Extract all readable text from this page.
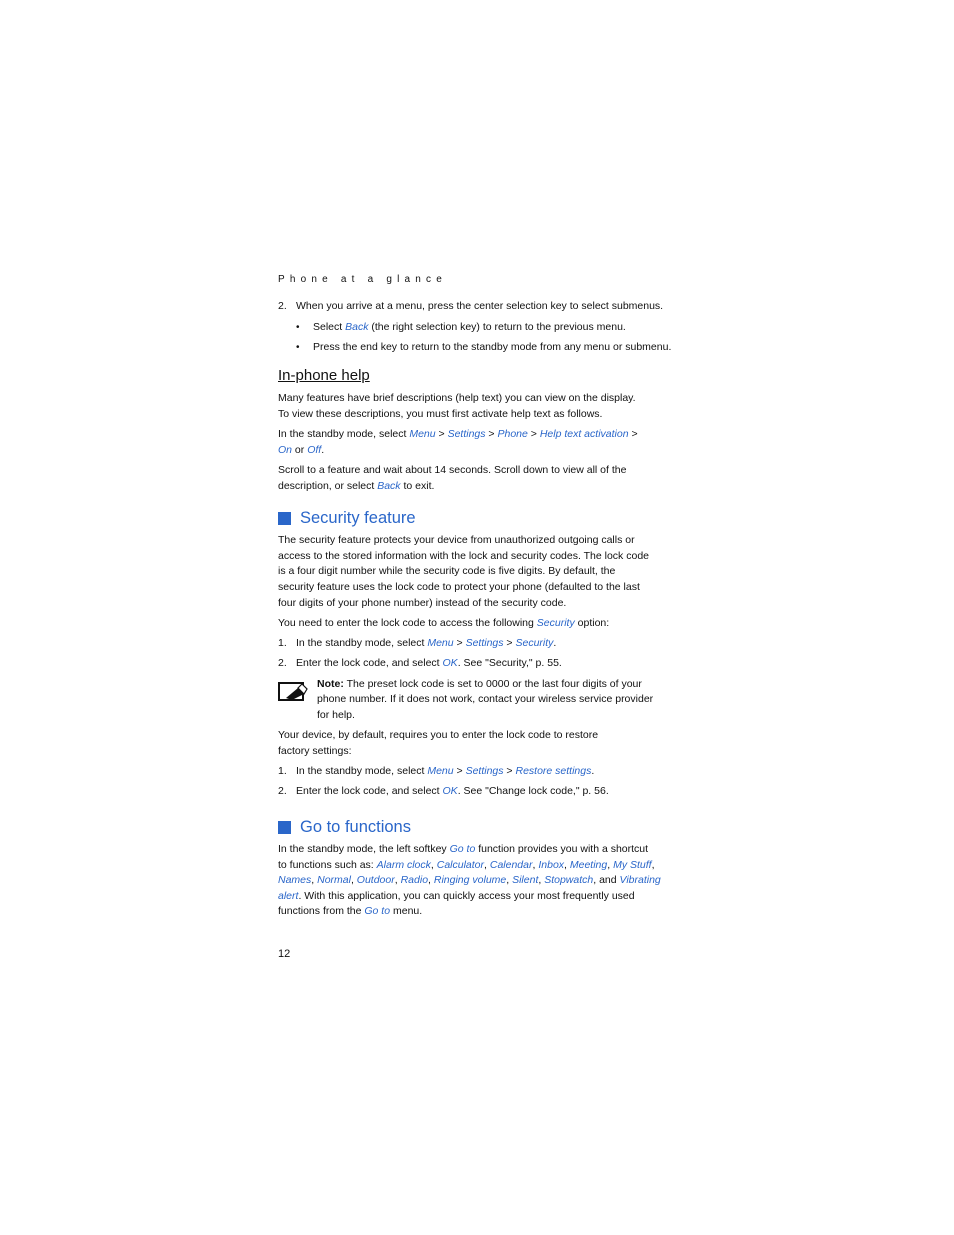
Phone at a glance
2. When you arrive at a menu, press the center selection key to select submenus.
• Select Back (the right selection key) to return to the previous menu.
• Press the end key to return to the standby mode from any menu or submenu.
In-phone help
Many features have brief descriptions (help text) you can view on the display.
To view these descriptions, you must first activate help text as follows.
In the standby mode, select Menu > Settings > Phone > Help text activation >
On or Off.
Scroll to a feature and wait about 14 seconds. Scroll down to view all of the
description, or select Back to exit.
Security feature
The security feature protects your device from unauthorized outgoing calls or
access to the stored information with the lock and security codes. The lock code
is a four digit number while the security code is five digits. By default, the
security feature uses the lock code to protect your phone (defaulted to the last
four digits of your phone number) instead of the security code.
You need to enter the lock code to access the following Security option:
1. In the standby mode, select Menu > Settings > Security.
2. Enter the lock code, and select OK. See "Security," p. 55.
Note: The preset lock code is set to 0000 or the last four digits of your
phone number. If it does not work, contact your wireless service provider
for help.
Your device, by default, requires you to enter the lock code to restore
factory settings:
1. In the standby mode, select Menu > Settings > Restore settings.
2. Enter the lock code, and select OK. See "Change lock code," p. 56.
Go to functions
In the standby mode, the left softkey Go to function provides you with a shortcut
to functions such as: Alarm clock, Calculator, Calendar, Inbox, Meeting, My Stuff,
Names, Normal, Outdoor, Radio, Ringing volume, Silent, Stopwatch, and Vibrating
alert. With this application, you can quickly access your most frequently used
functions from the Go to menu.
12
